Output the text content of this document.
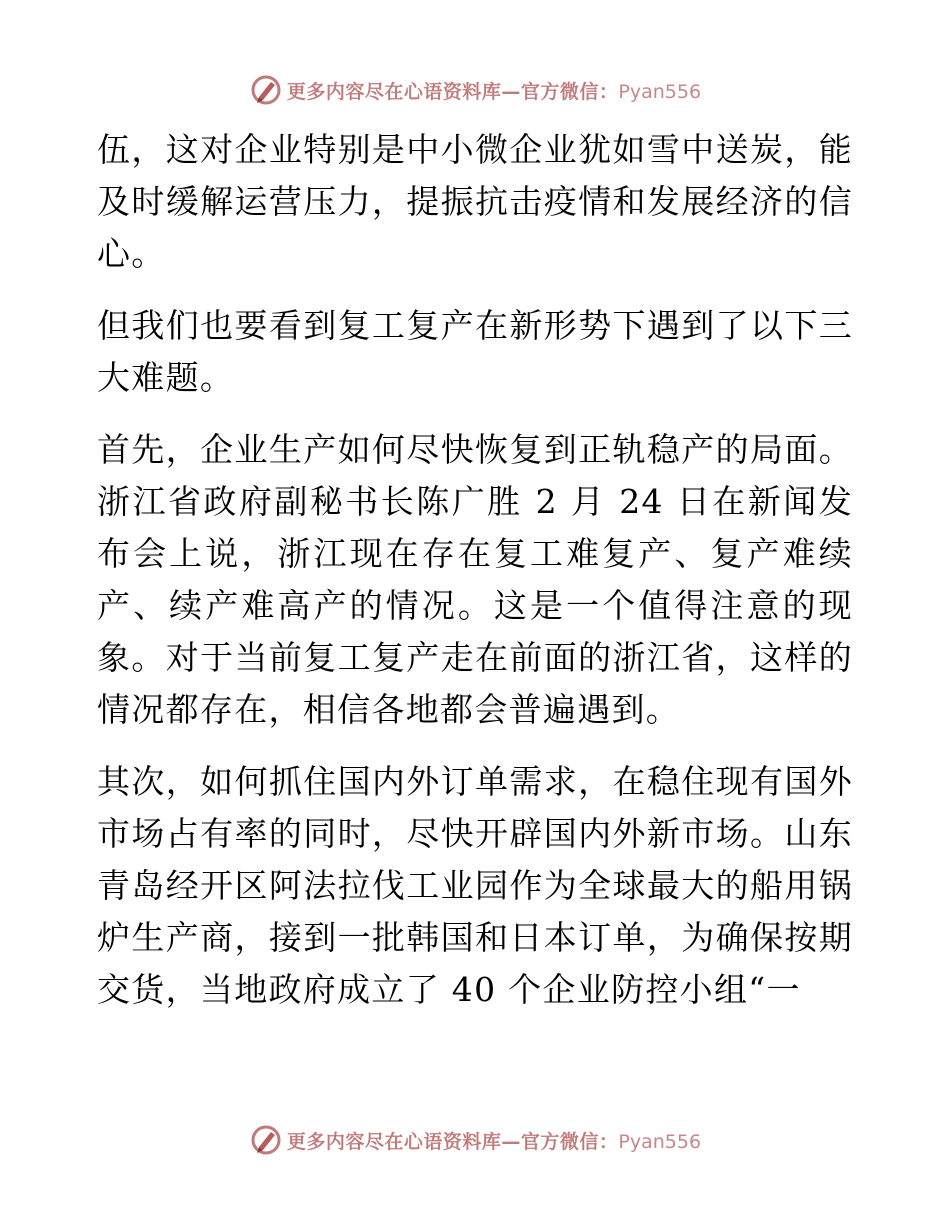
更多内容尽在心语资料库—官方微信：Pyan556

伍，这对企业特别是中小微企业犹如雪中送炭，能及时缓解运营压力，提振抗击疫情和发展经济的信心。

但我们也要看到复工复产在新形势下遇到了以下三大难题。

首先，企业生产如何尽快恢复到正轨稳产的局面。浙江省政府副秘书长陈广胜 2 月 24 日在新闻发布会上说，浙江现在存在复工难复产、复产难续产、续产难高产的情况。这是一个值得注意的现象。对于当前复工复产走在前面的浙江省，这样的情况都存在，相信各地都会普遍遇到。

其次，如何抓住国内外订单需求，在稳住现有国外市场占有率的同时，尽快开辟国内外新市场。山东青岛经开区阿法拉伐工业园作为全球最大的船用锅炉生产商，接到一批韩国和日本订单，为确保按期交货，当地政府成立了 40 个企业防控小组“一

更多内容尽在心语资料库—官方微信：Pyan556
